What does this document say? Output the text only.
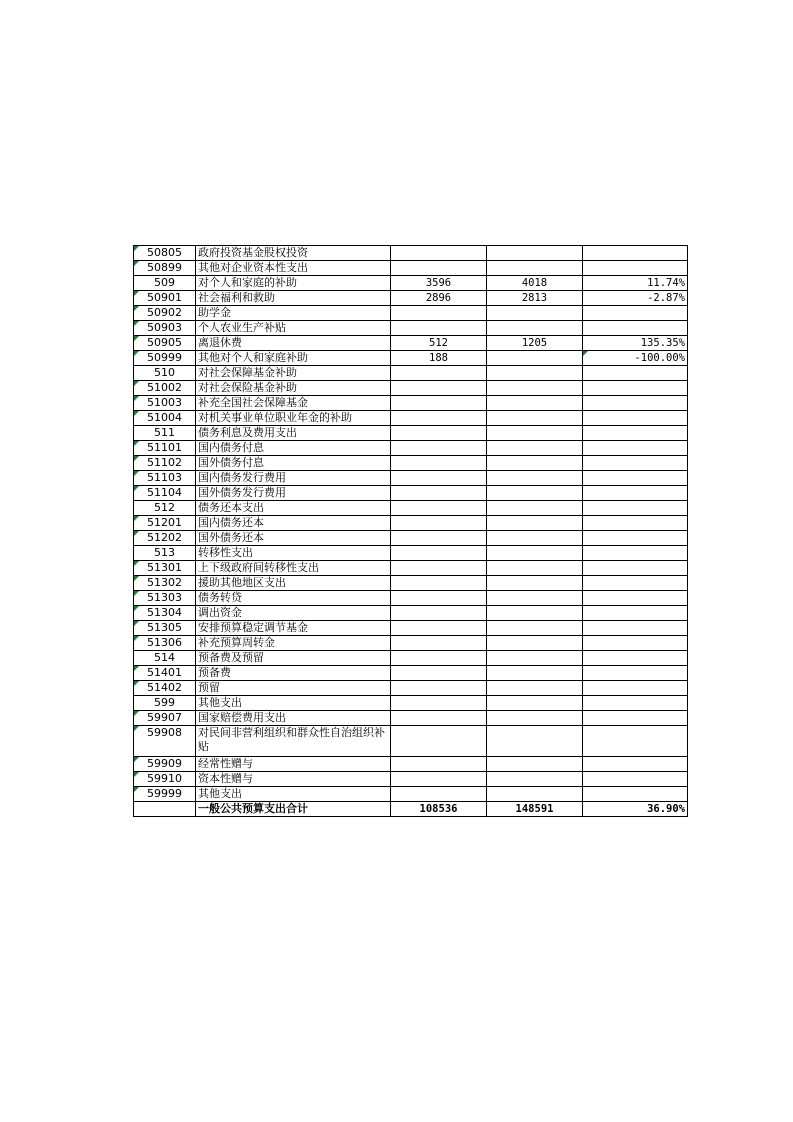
50805	政府投资基金股权投资			
50899	其他对企业资本性支出			
509	对个人和家庭的补助	3596	4018	11.74%
50901	社会福利和救助	2896	2813	-2.87%
50902	助学金			
50903	个人农业生产补贴			
50905	离退休费	512	1205	135.35%
50999	其他对个人和家庭补助	188		-100.00%
510	对社会保障基金补助			
51002	对社会保险基金补助			
51003	补充全国社会保障基金			
51004	对机关事业单位职业年金的补助			
511	债务利息及费用支出			
51101	国内债务付息			
51102	国外债务付息			
51103	国内债务发行费用			
51104	国外债务发行费用			
512	债务还本支出			
51201	国内债务还本			
51202	国外债务还本			
513	转移性支出			
51301	上下级政府间转移性支出			
51302	援助其他地区支出			
51303	债务转贷			
51304	调出资金			
51305	安排预算稳定调节基金			
51306	补充预算周转金			
514	预备费及预留			
51401	预备费			
51402	预留			
599	其他支出			
59907	国家赔偿费用支出			
59908	对民间非营利组织和群众性自治组织补贴			
59909	经常性赠与			
59910	资本性赠与			
59999	其他支出			
	一般公共预算支出合计	108536	148591	36.90%
